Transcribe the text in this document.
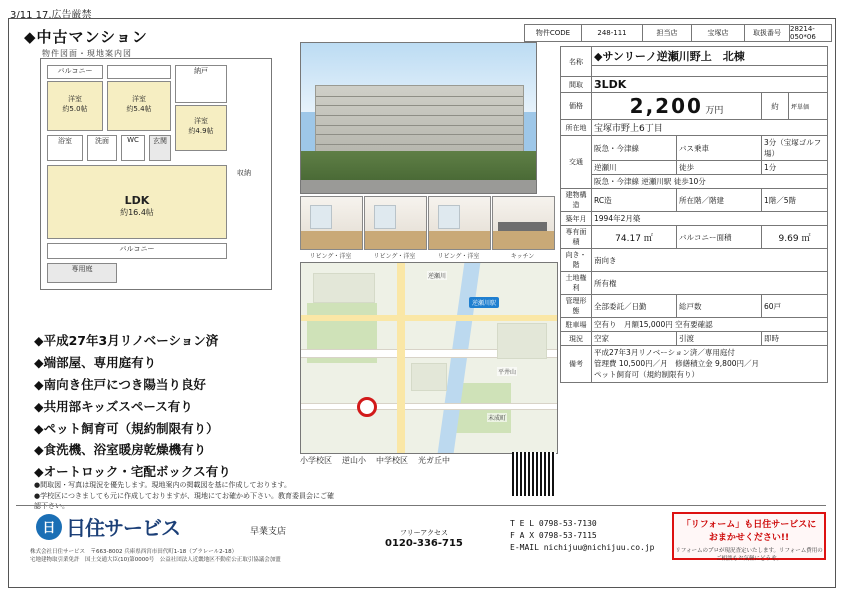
3/11 17.広告厳禁
◆中古マンション
物件図面・現地案内図
バルコニー
洋室
約5.0帖
洋室
約5.4帖
納戸
洋室
約4.9帖
浴室	洗面	WC	玄関
LDK
約16.4帖
バルコニー
専用庭
収納
◆平成27年3月リノベーション済
◆端部屋、専用庭有り
◆南向き住戸につき陽当り良好
◆共用部キッズスペース有り
◆ペット飼育可（規約制限有り）
◆食洗機、浴室暖房乾燥機有り
◆オートロック・宅配ボックス有り
●間取図・写真は現況を優先します。現地案内の掲載図を基に作成しております。
●学校区につきましても元に作成しておりますが、現地にてお確かめ下さい。教育委員会にご確認下さい。
リビング・洋室	リビング・洋室	リビング・洋室	キッチン
逆瀬川駅
逆瀬川
平井山
末成町
小学校区 逆山小 中学校区 光ガ丘中
物件CODE	248-111	担当店	宝塚店	取扱番号	28214-050*06
名称	◆サンリーノ逆瀬川野上　北棟			

間取	3LDK			
価格	2,200 万円		約	坪単価
所在地	宝塚市野上6丁目			
交通	阪急・今津線	バス乗車	3分（宝塚ゴルフ場）	
	逆瀬川	徒歩	1分	
	阪急・今津線 逆瀬川駅 徒歩10分			
建物構造	RC造	所在階／階建	1階／5階	
築年月	1994年2月築			
専有面積	74.17 ㎡	バルコニー面積	9.69 ㎡	
向き・階	南向き			
土地権利	所有権			
管理形態	全部委託／日勤	総戸数	60戸	
駐車場	空有り　月額15,000円 空有要確認			
現況	空家	引渡	即時	
備考	平成27年3月リノベーション済／専用庭付
管理費 10,500円／月　修繕積立金 9,800円／月
ペット飼育可（規約制限有り）			
日 日住サービス	早業支店	フリーアクセス
0120-336-715
T E L 0798-53-7130
F A X 0798-53-7115
E-MAIL nichijuu@nichijuu.co.jp
「リフォーム」も日住サービスに
おまかせください!!
リフォームのプロが現況査定いたします。リフォーム費用のご相談もお気軽にどうぞ。
株式会社日住サービス　〒663-8002 兵庫県西宮市田代町1-18（プラレール2-18）
宅地建物取引業免許　国土交通大臣(10)第0000号　公益社団法人近畿地区不動産公正取引協議会加盟
